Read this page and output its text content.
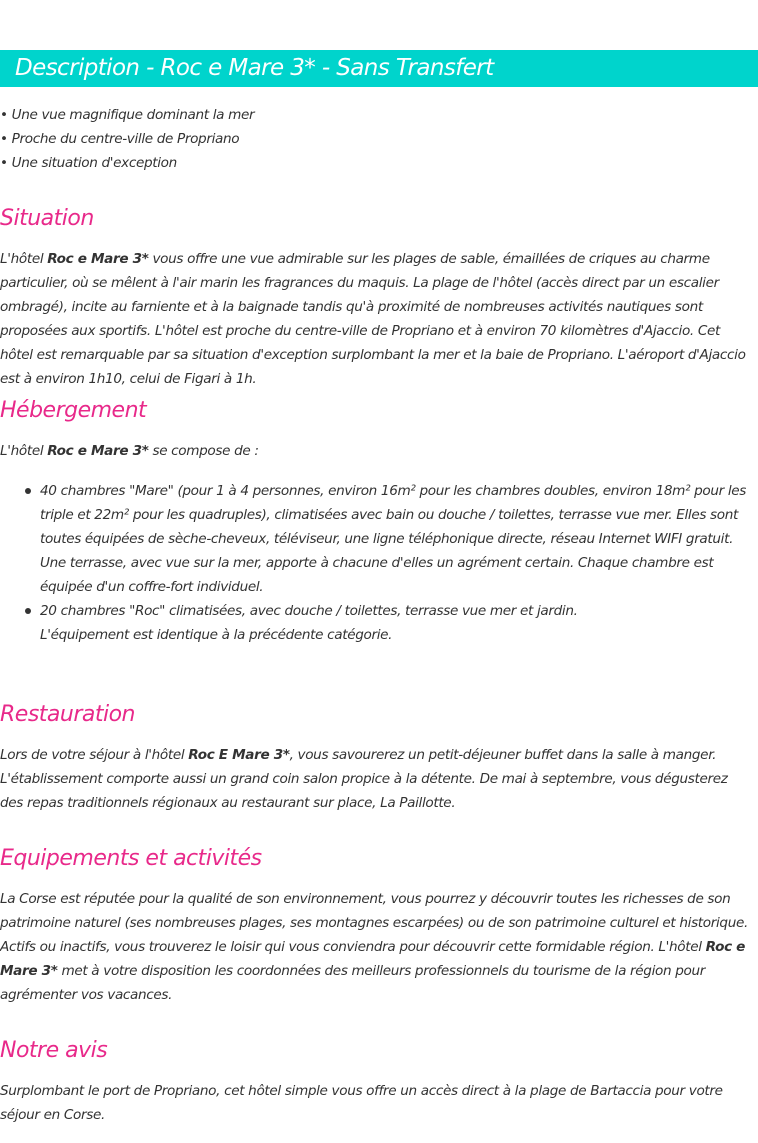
Description - Roc e Mare 3* - Sans Transfert
• Une vue magnifique dominant la mer
• Proche du centre-ville de Propriano
• Une situation d'exception
Situation
L'hôtel Roc e Mare 3* vous offre une vue admirable sur les plages de sable, émaillées de criques au charme particulier, où se mêlent à l'air marin les fragrances du maquis. La plage de l'hôtel (accès direct par un escalier ombragé), incite au farniente et à la baignade tandis qu'à proximité de nombreuses activités nautiques sont proposées aux sportifs. L'hôtel est proche du centre-ville de Propriano et à environ 70 kilomètres d'Ajaccio. Cet hôtel est remarquable par sa situation d'exception surplombant la mer et la baie de Propriano. L'aéroport d'Ajaccio est à environ 1h10, celui de Figari à 1h.
Hébergement
L'hôtel Roc e Mare 3* se compose de :
40 chambres "Mare" (pour 1 à 4 personnes, environ 16m² pour les chambres doubles, environ 18m² pour les triple et 22m² pour les quadruples), climatisées avec bain ou douche / toilettes, terrasse vue mer. Elles sont toutes équipées de sèche-cheveux, téléviseur, une ligne téléphonique directe, réseau Internet WIFI gratuit. Une terrasse, avec vue sur la mer, apporte à chacune d'elles un agrément certain. Chaque chambre est équipée d'un coffre-fort individuel.
20 chambres "Roc" climatisées, avec douche / toilettes, terrasse vue mer et jardin.
L'équipement est identique à la précédente catégorie.
Restauration
Lors de votre séjour à l'hôtel Roc E Mare 3*, vous savourerez un petit-déjeuner buffet dans la salle à manger. L'établissement comporte aussi un grand coin salon propice à la détente. De mai à septembre, vous dégusterez des repas traditionnels régionaux au restaurant sur place, La Paillotte.
Equipements et activités
La Corse est réputée pour la qualité de son environnement, vous pourrez y découvrir toutes les richesses de son patrimoine naturel (ses nombreuses plages, ses montagnes escarpées) ou de son patrimoine culturel et historique. Actifs ou inactifs, vous trouverez le loisir qui vous conviendra pour découvrir cette formidable région. L'hôtel Roc e Mare 3* met à votre disposition les coordonnées des meilleurs professionnels du tourisme de la région pour agrémenter vos vacances.
Notre avis
Surplombant le port de Propriano, cet hôtel simple vous offre un accès direct à la plage de Bartaccia pour votre séjour en Corse.
